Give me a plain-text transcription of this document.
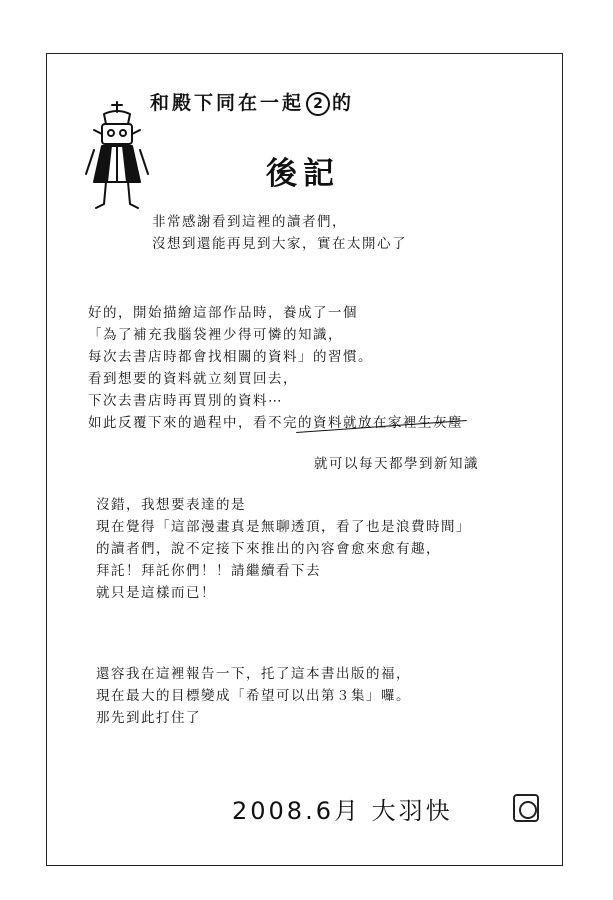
和殿下同在一起 2 的
後記
非常感謝看到這裡的讀者們，
沒想到還能再見到大家，實在太開心了
好的，開始描繪這部作品時，養成了一個
「為了補充我腦袋裡少得可憐的知識，
每次去書店時都會找相關的資料」的習慣。
看到想要的資料就立刻買回去，
下次去書店時再買別的資料⋯
如此反覆下來的過程中，看不完的資料就放在家裡生灰塵
就可以每天都學到新知識
沒錯，我想要表達的是
現在覺得「這部漫畫真是無聊透頂，看了也是浪費時間」
的讀者們，說不定接下來推出的內容會愈來愈有趣，
拜託！拜託你們！！請繼續看下去
就只是這樣而已！
還容我在這裡報告一下，托了這本書出版的福，
現在最大的目標變成「希望可以出第３集」囉。
那先到此打住了
2008.6月 大羽快
